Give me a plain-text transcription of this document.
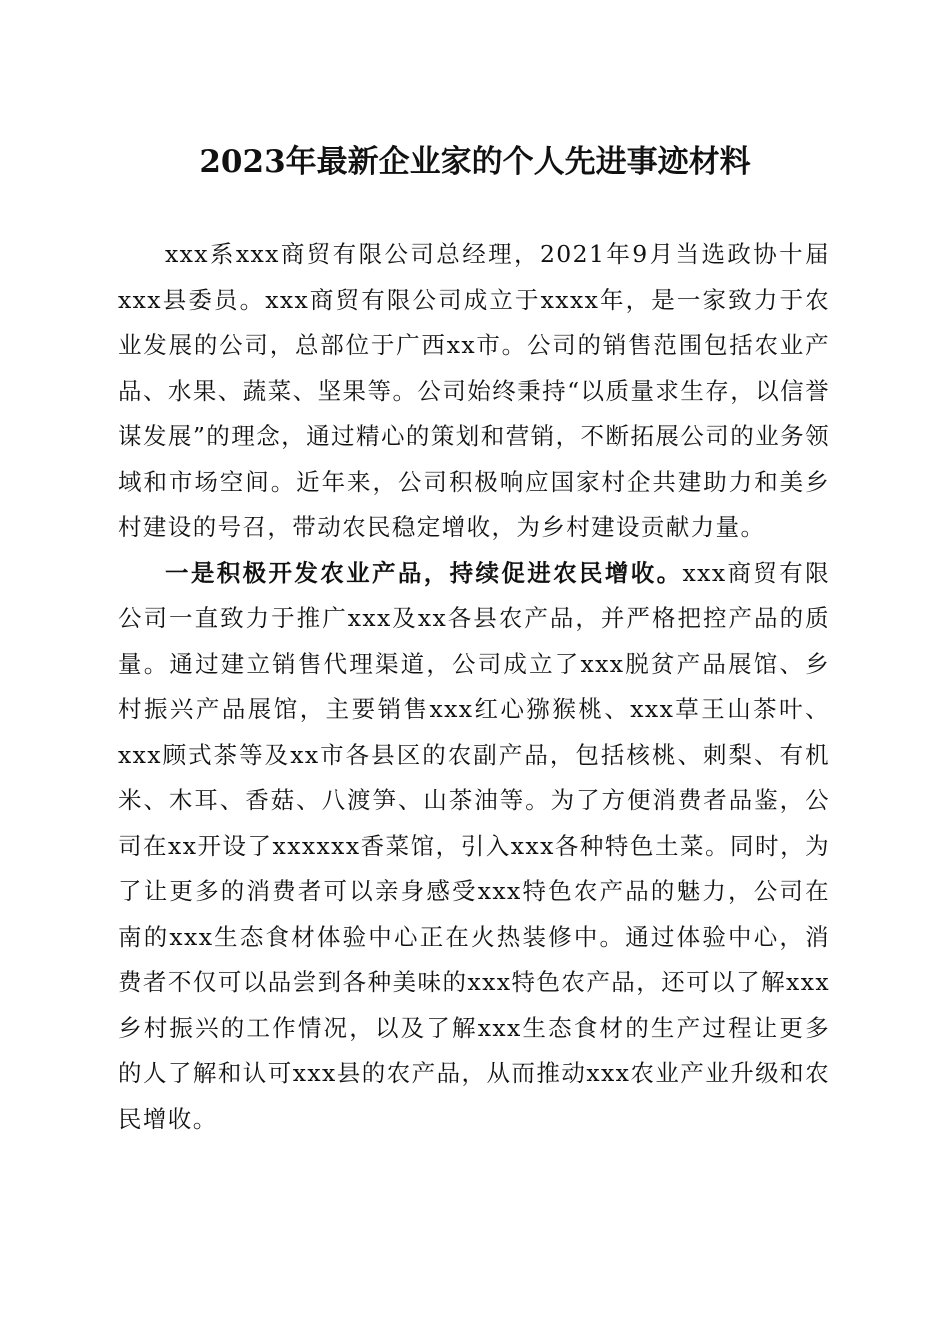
2023年最新企业家的个人先进事迹材料

xxx系xxx商贸有限公司总经理，2021年9月当选政协十届xxx县委员。xxx商贸有限公司成立于xxxx年，是一家致力于农业发展的公司，总部位于广西xx市。公司的销售范围包括农业产品、水果、蔬菜、坚果等。公司始终秉持“以质量求生存，以信誉谋发展”的理念，通过精心的策划和营销，不断拓展公司的业务领域和市场空间。近年来，公司积极响应国家村企共建助力和美乡村建设的号召，带动农民稳定增收，为乡村建设贡献力量。

一是积极开发农业产品，持续促进农民增收。xxx商贸有限公司一直致力于推广xxx及xx各县农产品，并严格把控产品的质量。通过建立销售代理渠道，公司成立了xxx脱贫产品展馆、乡村振兴产品展馆，主要销售xxx红心猕猴桃、xxx草王山茶叶、xxx顾式茶等及xx市各县区的农副产品，包括核桃、刺梨、有机米、木耳、香菇、八渡笋、山茶油等。为了方便消费者品鉴，公司在xx开设了xxxxxx香菜馆，引入xxx各种特色土菜。同时，为了让更多的消费者可以亲身感受xxx特色农产品的魅力，公司在南的xxx生态食材体验中心正在火热装修中。通过体验中心，消费者不仅可以品尝到各种美味的xxx特色农产品，还可以了解xxx乡村振兴的工作情况，以及了解xxx生态食材的生产过程让更多的人了解和认可xxx县的农产品，从而推动xxx农业产业升级和农民增收。
